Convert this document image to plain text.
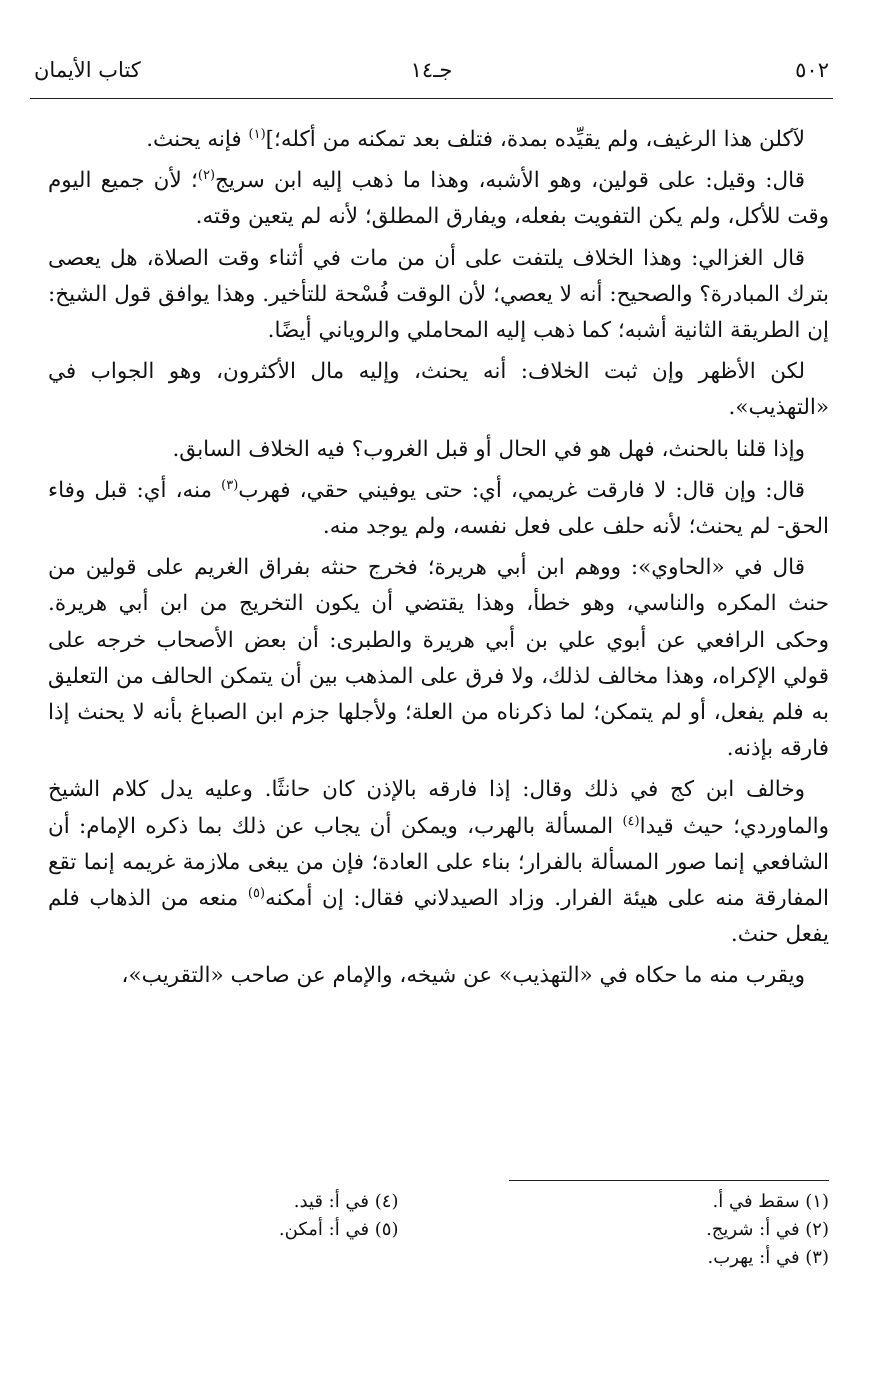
٥٠٢
جـ١٤
كتاب الأيمان

لآكلن هذا الرغيف، ولم يقيِّده بمدة، فتلف بعد تمكنه من أكله؛]$^{(١)}$ فإنه يحنث.

قال: وقيل: على قولين، وهو الأشبه، وهذا ما ذهب إليه ابن سريج$^{(٢)}$؛ لأن جميع اليوم وقت للأكل، ولم يكن التفويت بفعله، ويفارق المطلق؛ لأنه لم يتعين وقته.

قال الغزالي: وهذا الخلاف يلتفت على أن من مات في أثناء وقت الصلاة، هل يعصى بترك المبادرة؟ والصحيح: أنه لا يعصي؛ لأن الوقت فُسْحة للتأخير. وهذا يوافق قول الشيخ: إن الطريقة الثانية أشبه؛ كما ذهب إليه المحاملي والروياني أيضًا.

لكن الأظهر وإن ثبت الخلاف: أنه يحنث، وإليه مال الأكثرون، وهو الجواب في «التهذيب».

وإذا قلنا بالحنث، فهل هو في الحال أو قبل الغروب؟ فيه الخلاف السابق.

قال: وإن قال: لا فارقت غريمي، أي: حتى يوفيني حقي، فهرب$^{(٣)}$ منه، أي: قبل وفاء الحق- لم يحنث؛ لأنه حلف على فعل نفسه، ولم يوجد منه.

قال في «الحاوي»: ووهم ابن أبي هريرة؛ فخرج حنثه بفراق الغريم على قولين من حنث المكره والناسي، وهو خطأ، وهذا يقتضي أن يكون التخريج من ابن أبي هريرة. وحكى الرافعي عن أبوي علي بن أبي هريرة والطبرى: أن بعض الأصحاب خرجه على قولي الإكراه، وهذا مخالف لذلك، ولا فرق على المذهب بين أن يتمكن الحالف من التعليق به فلم يفعل، أو لم يتمكن؛ لما ذكرناه من العلة؛ ولأجلها جزم ابن الصباغ بأنه لا يحنث إذا فارقه بإذنه.

وخالف ابن كج في ذلك وقال: إذا فارقه بالإذن كان حانثًا. وعليه يدل كلام الشيخ والماوردي؛ حيث قيدا$^{(٤)}$ المسألة بالهرب، ويمكن أن يجاب عن ذلك بما ذكره الإمام: أن الشافعي إنما صور المسألة بالفرار؛ بناء على العادة؛ فإن من يبغى ملازمة غريمه إنما تقع المفارقة منه على هيئة الفرار. وزاد الصيدلاني فقال: إن أمكنه$^{(٥)}$ منعه من الذهاب فلم يفعل حنث.

ويقرب منه ما حكاه في «التهذيب» عن شيخه، والإمام عن صاحب «التقريب»،

(١) سقط في أ.
(٢) في أ: شريج.
(٣) في أ: يهرب.
(٤) في أ: قيد.
(٥) في أ: أمكن.
